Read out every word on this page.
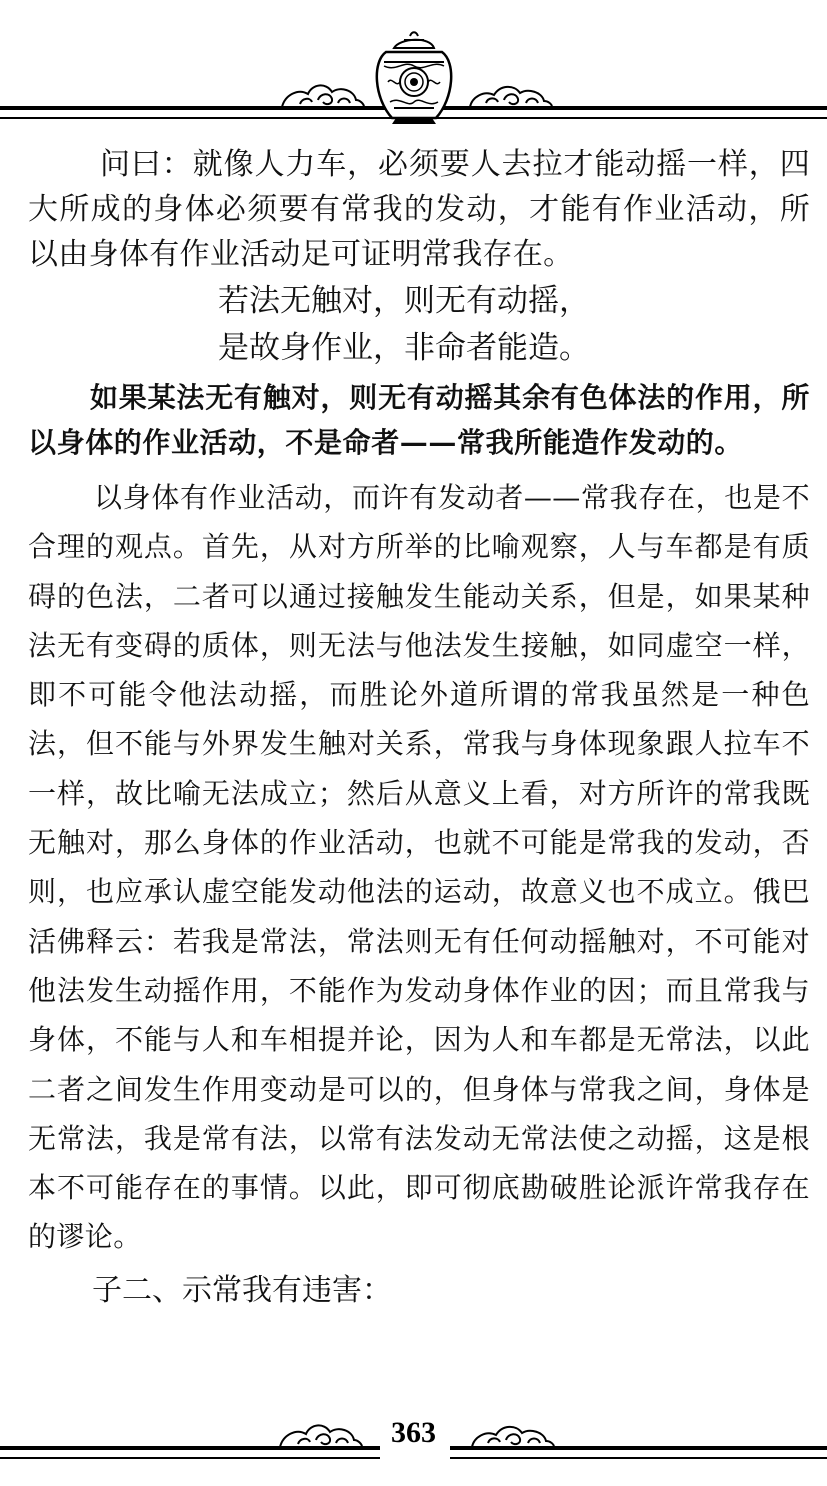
问曰：就像人力车，必须要人去拉才能动摇一样，四大所成的身体必须要有常我的发动，才能有作业活动，所以由身体有作业活动足可证明常我存在。

若法无触对，则无有动摇，

是故身作业，非命者能造。

如果某法无有触对，则无有动摇其余有色体法的作用，所以身体的作业活动，不是命者——常我所能造作发动的。

以身体有作业活动，而许有发动者——常我存在，也是不合理的观点。首先，从对方所举的比喻观察，人与车都是有质碍的色法，二者可以通过接触发生能动关系，但是，如果某种法无有变碍的质体，则无法与他法发生接触，如同虚空一样，即不可能令他法动摇，而胜论外道所谓的常我虽然是一种色法，但不能与外界发生触对关系，常我与身体现象跟人拉车不一样，故比喻无法成立；然后从意义上看，对方所许的常我既无触对，那么身体的作业活动，也就不可能是常我的发动，否则，也应承认虚空能发动他法的运动，故意义也不成立。俄巴活佛释云：若我是常法，常法则无有任何动摇触对，不可能对他法发生动摇作用，不能作为发动身体作业的因；而且常我与身体，不能与人和车相提并论，因为人和车都是无常法，以此二者之间发生作用变动是可以的，但身体与常我之间，身体是无常法，我是常有法，以常有法发动无常法使之动摇，这是根本不可能存在的事情。以此，即可彻底勘破胜论派许常我存在的谬论。

子二、示常我有违害：

363
